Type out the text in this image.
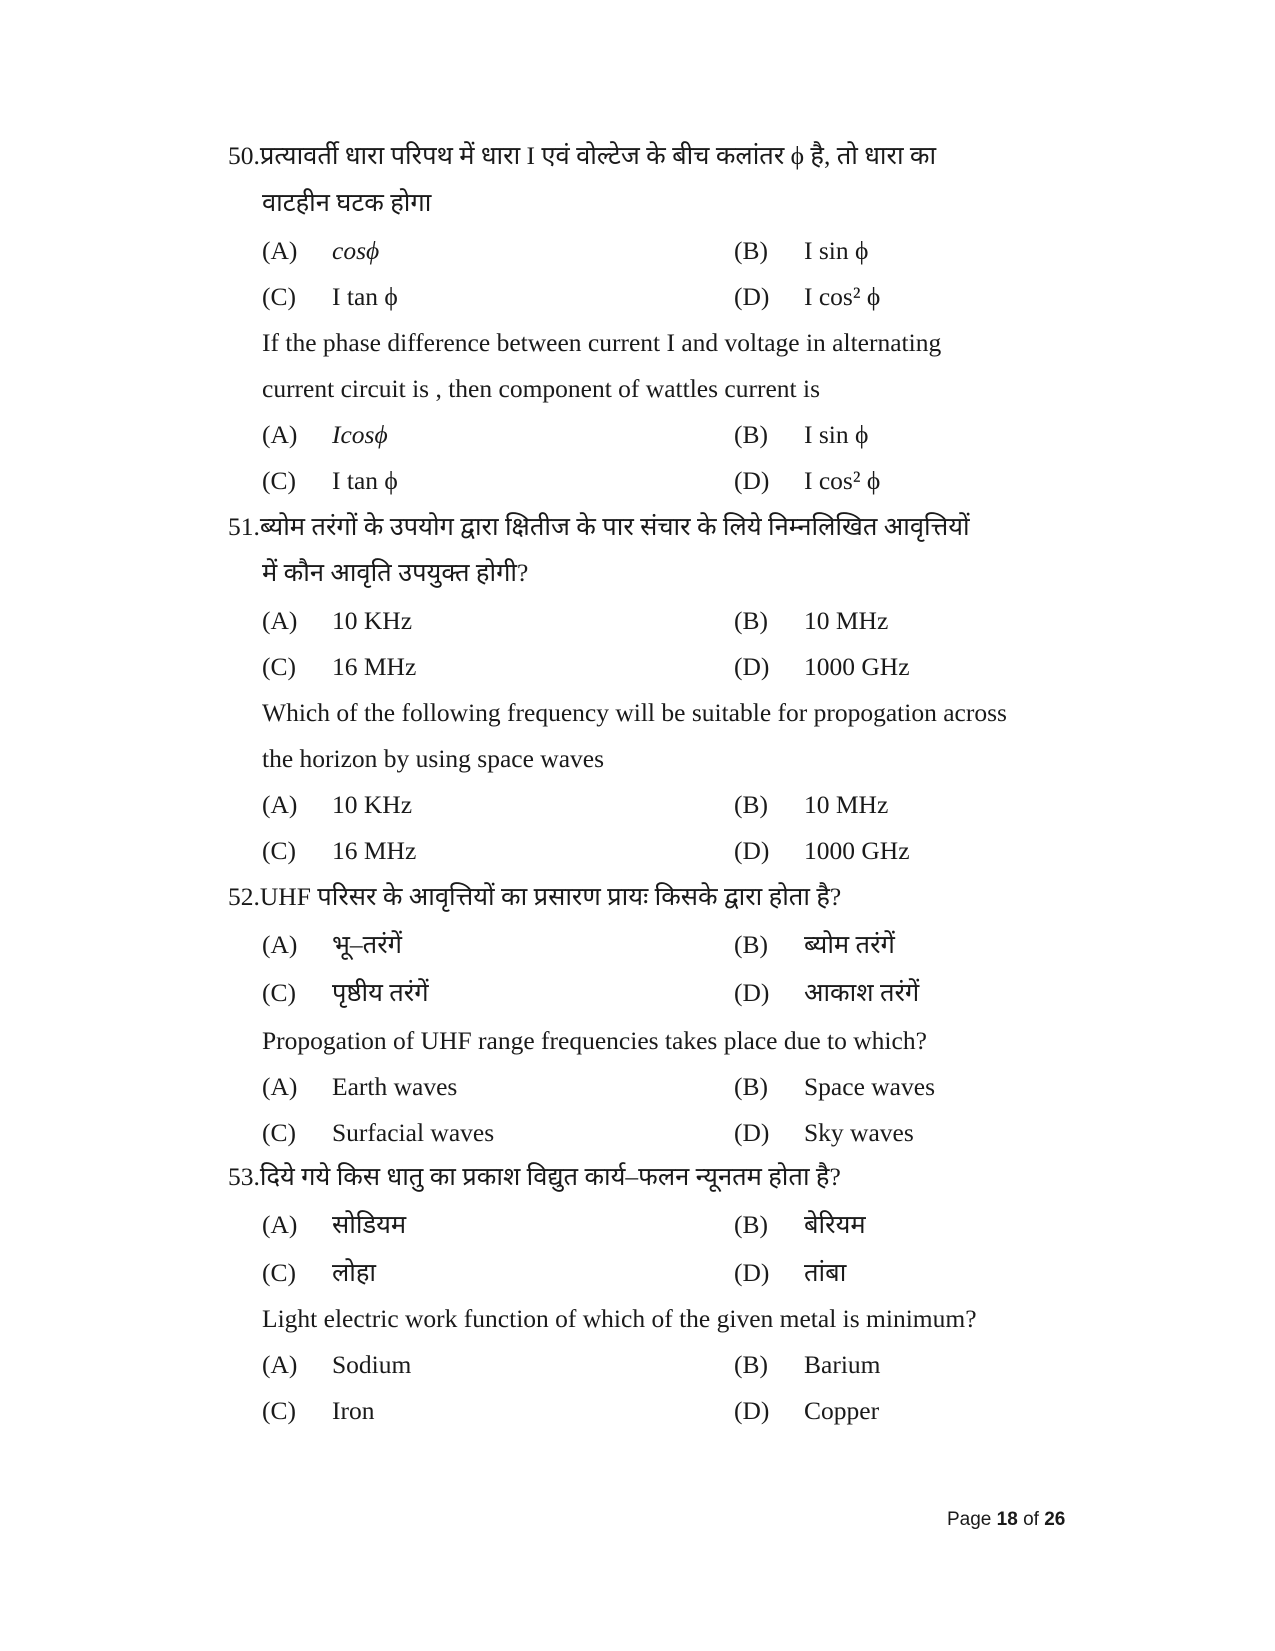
50.प्रत्यावर्ती धारा परिपथ में धारा I एवं वोल्टेज के बीच कलांतर ϕ है, तो धारा का
वाटहीन घटक होगा
(A) cosϕ	(B) I sin ϕ
(C) I tan ϕ	(D) I cos² ϕ
If the phase difference between current I and voltage in alternating
current circuit is , then component of wattles current is
(A) Icosϕ	(B) I sin ϕ
(C) I tan ϕ	(D) I cos² ϕ
51.ब्योम तरंगों के उपयोग द्वारा क्षितीज के पार संचार के लिये निम्नलिखित आवृत्तियों
में कौन आवृति उपयुक्त होगी?
(A) 10 KHz	(B) 10 MHz
(C) 16 MHz	(D) 1000 GHz
Which of the following frequency will be suitable for propogation across
the horizon by using space waves
(A) 10 KHz	(B) 10 MHz
(C) 16 MHz	(D) 1000 GHz
52.UHF परिसर के आवृत्तियों का प्रसारण प्रायः किसके द्वारा होता है?
(A) भू–तरंगें	(B) ब्योम तरंगें
(C) पृष्ठीय तरंगें	(D) आकाश तरंगें
Propogation of UHF range frequencies takes place due to which?
(A) Earth waves	(B) Space waves
(C) Surfacial waves	(D) Sky waves
53.दिये गये किस धातु का प्रकाश विद्युत कार्य–फलन न्यूनतम होता है?
(A) सोडियम	(B) बेरियम
(C) लोहा	(D) तांबा
Light electric work function of which of the given metal is minimum?
(A) Sodium	(B) Barium
(C) Iron	(D) Copper
Page 18 of 26
